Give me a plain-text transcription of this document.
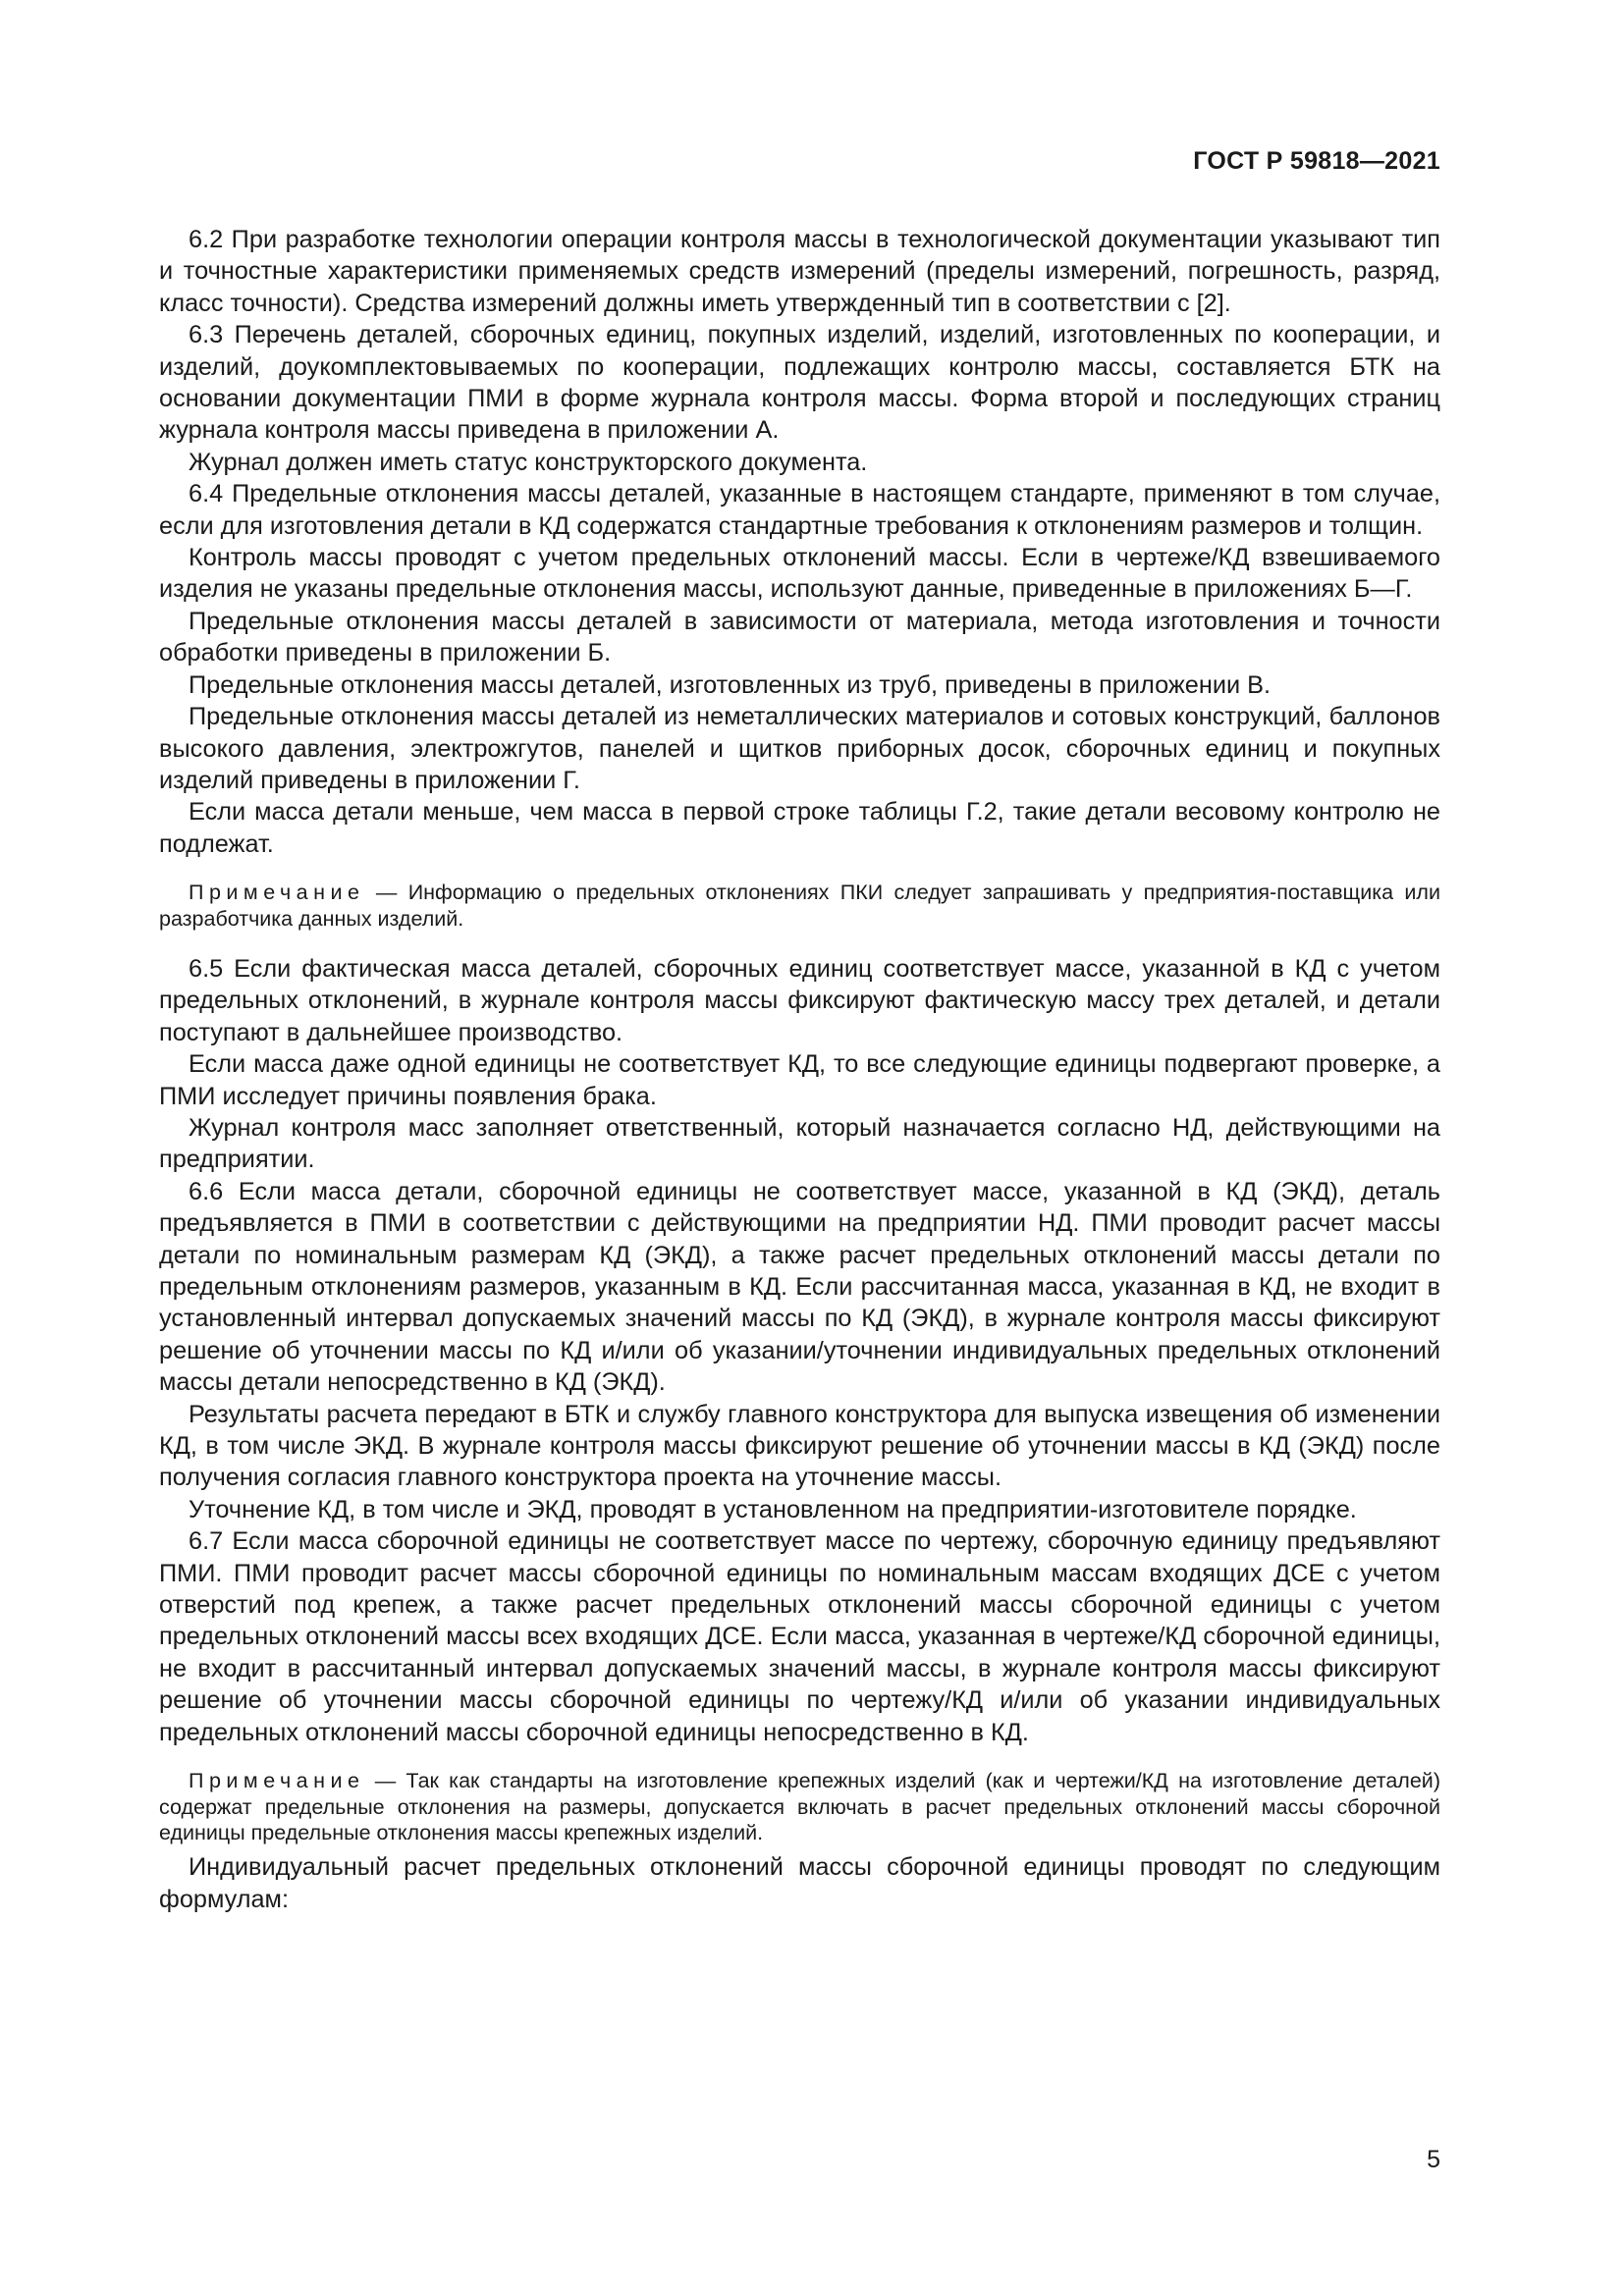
ГОСТ Р 59818—2021

6.2 При разработке технологии операции контроля массы в технологической документации указывают тип и точностные характеристики применяемых средств измерений (пределы измерений, погрешность, разряд, класс точности). Средства измерений должны иметь утвержденный тип в соответствии с [2].

6.3 Перечень деталей, сборочных единиц, покупных изделий, изделий, изготовленных по кооперации, и изделий, доукомплектовываемых по кооперации, подлежащих контролю массы, составляется БТК на основании документации ПМИ в форме журнала контроля массы. Форма второй и последующих страниц журнала контроля массы приведена в приложении А.

Журнал должен иметь статус конструкторского документа.

6.4 Предельные отклонения массы деталей, указанные в настоящем стандарте, применяют в том случае, если для изготовления детали в КД содержатся стандартные требования к отклонениям размеров и толщин.

Контроль массы проводят с учетом предельных отклонений массы. Если в чертеже/КД взвешиваемого изделия не указаны предельные отклонения массы, используют данные, приведенные в приложениях Б—Г.

Предельные отклонения массы деталей в зависимости от материала, метода изготовления и точности обработки приведены в приложении Б.

Предельные отклонения массы деталей, изготовленных из труб, приведены в приложении В.

Предельные отклонения массы деталей из неметаллических материалов и сотовых конструкций, баллонов высокого давления, электрожгутов, панелей и щитков приборных досок, сборочных единиц и покупных изделий приведены в приложении Г.

Если масса детали меньше, чем масса в первой строке таблицы Г.2, такие детали весовому контролю не подлежат.

Примечание — Информацию о предельных отклонениях ПКИ следует запрашивать у предприятия-поставщика или разработчика данных изделий.

6.5 Если фактическая масса деталей, сборочных единиц соответствует массе, указанной в КД с учетом предельных отклонений, в журнале контроля массы фиксируют фактическую массу трех деталей, и детали поступают в дальнейшее производство.

Если масса даже одной единицы не соответствует КД, то все следующие единицы подвергают проверке, а ПМИ исследует причины появления брака.

Журнал контроля масс заполняет ответственный, который назначается согласно НД, действующими на предприятии.

6.6 Если масса детали, сборочной единицы не соответствует массе, указанной в КД (ЭКД), деталь предъявляется в ПМИ в соответствии с действующими на предприятии НД. ПМИ проводит расчет массы детали по номинальным размерам КД (ЭКД), а также расчет предельных отклонений массы детали по предельным отклонениям размеров, указанным в КД. Если рассчитанная масса, указанная в КД, не входит в установленный интервал допускаемых значений массы по КД (ЭКД), в журнале контроля массы фиксируют решение об уточнении массы по КД и/или об указании/уточнении индивидуальных предельных отклонений массы детали непосредственно в КД (ЭКД).

Результаты расчета передают в БТК и службу главного конструктора для выпуска извещения об изменении КД, в том числе ЭКД. В журнале контроля массы фиксируют решение об уточнении массы в КД (ЭКД) после получения согласия главного конструктора проекта на уточнение массы.

Уточнение КД, в том числе и ЭКД, проводят в установленном на предприятии-изготовителе порядке.

6.7 Если масса сборочной единицы не соответствует массе по чертежу, сборочную единицу предъявляют ПМИ. ПМИ проводит расчет массы сборочной единицы по номинальным массам входящих ДСЕ с учетом отверстий под крепеж, а также расчет предельных отклонений массы сборочной единицы с учетом предельных отклонений массы всех входящих ДСЕ. Если масса, указанная в чертеже/КД сборочной единицы, не входит в рассчитанный интервал допускаемых значений массы, в журнале контроля массы фиксируют решение об уточнении массы сборочной единицы по чертежу/КД и/или об указании индивидуальных предельных отклонений массы сборочной единицы непосредственно в КД.

Примечание — Так как стандарты на изготовление крепежных изделий (как и чертежи/КД на изготовление деталей) содержат предельные отклонения на размеры, допускается включать в расчет предельных отклонений массы сборочной единицы предельные отклонения массы крепежных изделий.

Индивидуальный расчет предельных отклонений массы сборочной единицы проводят по следующим формулам:

5
